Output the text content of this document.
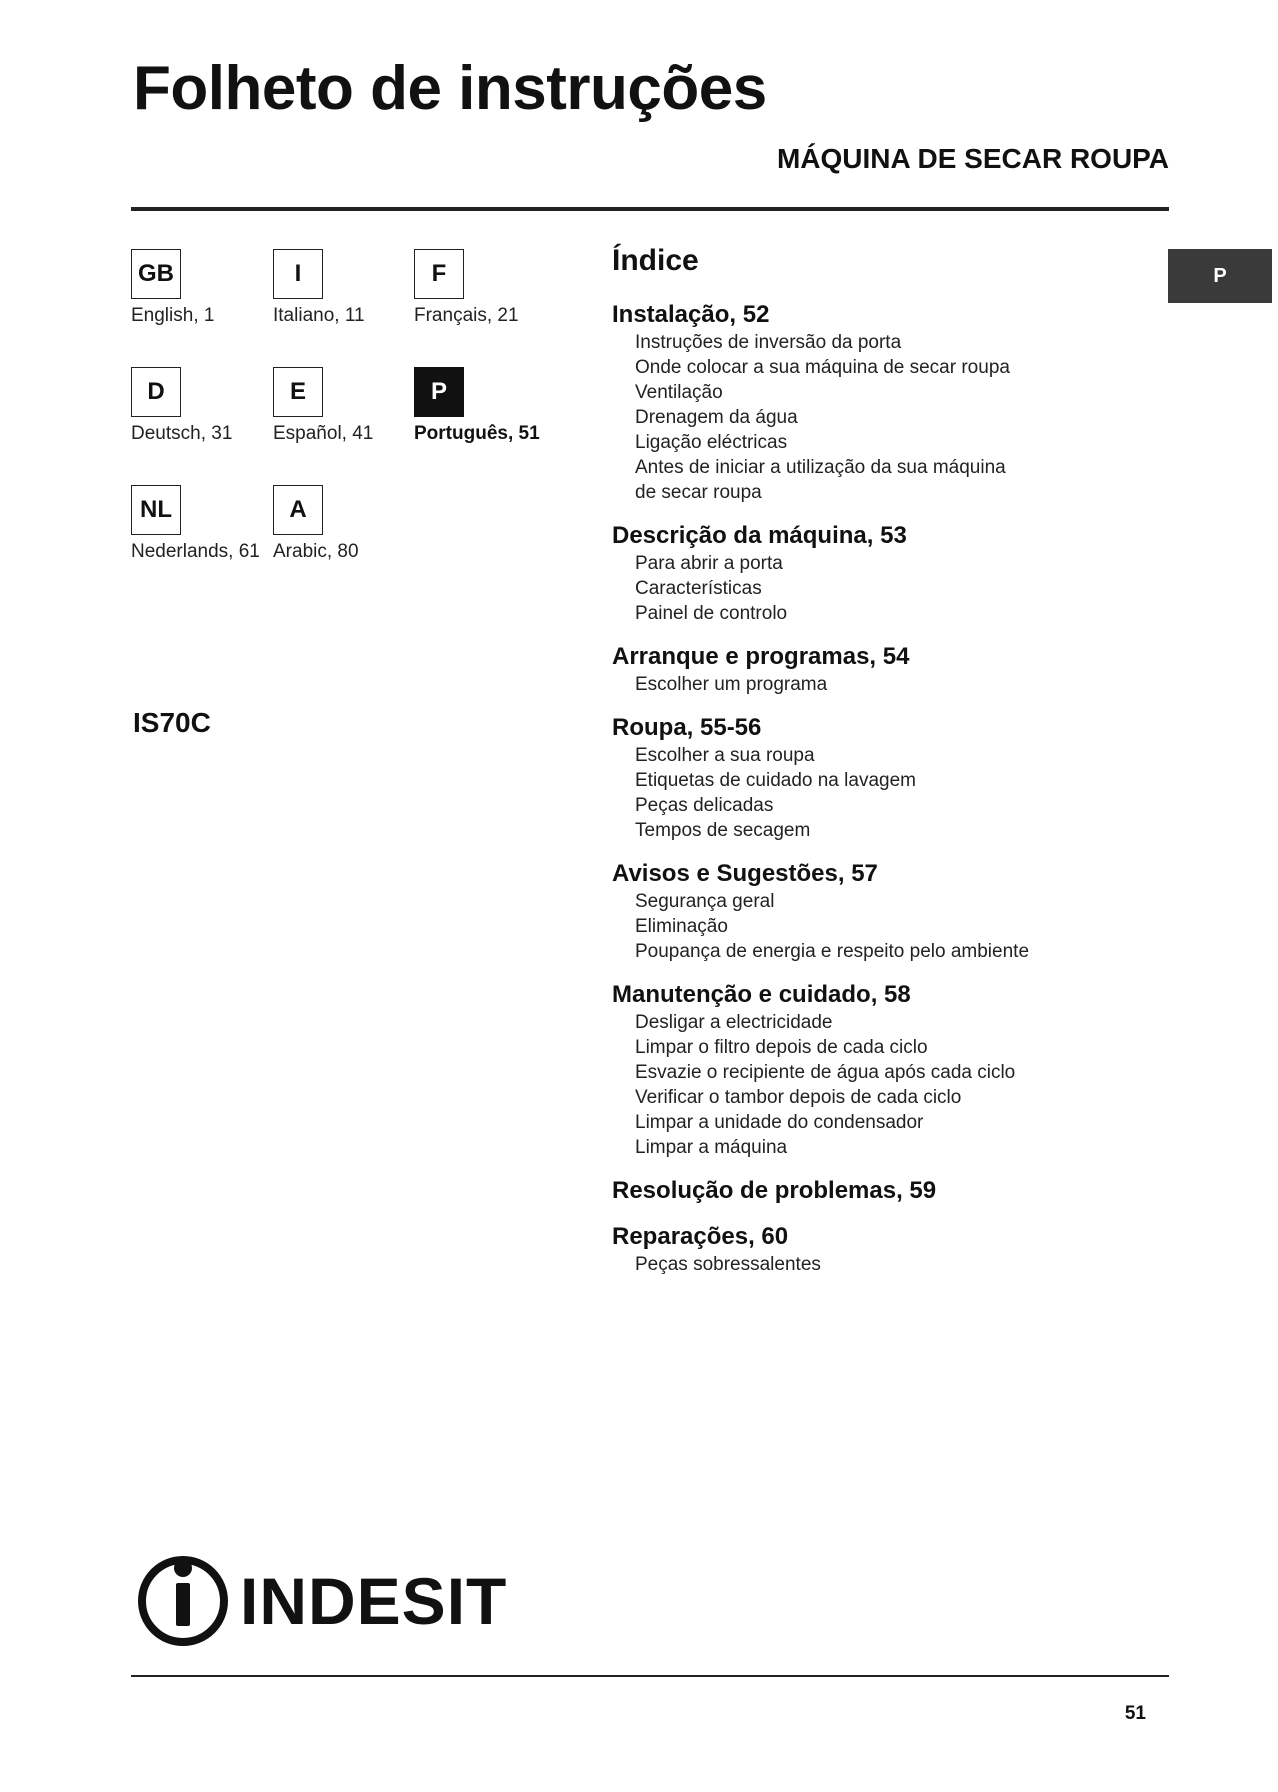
Folheto de instruções
MÁQUINA DE SECAR ROUPA
P
GB
English, 1
I
Italiano, 11
F
Français, 21
D
Deutsch, 31
E
Español, 41
P
Português, 51
NL
Nederlands, 61
A
Arabic, 80
IS70C
Índice
Instalação, 52
Instruções de inversão da porta
Onde colocar a sua máquina de secar roupa
Ventilação
Drenagem da água
Ligação eléctricas
Antes de iniciar a utilização da sua máquina
de secar roupa
Descrição da máquina, 53
Para abrir a porta
Características
Painel de controlo
Arranque e programas, 54
Escolher um programa
Roupa, 55-56
Escolher a sua roupa
Etiquetas de cuidado na lavagem
Peças delicadas
Tempos de secagem
Avisos e Sugestões, 57
Segurança geral
Eliminação
Poupança de energia e respeito pelo ambiente
Manutenção e cuidado, 58
Desligar a electricidade
Limpar o filtro depois de cada ciclo
Esvazie o recipiente de água após cada ciclo
Verificar o tambor depois de cada ciclo
Limpar a unidade do condensador
Limpar a máquina
Resolução de problemas, 59
Reparações, 60
Peças sobressalentes
INDESIT
51
